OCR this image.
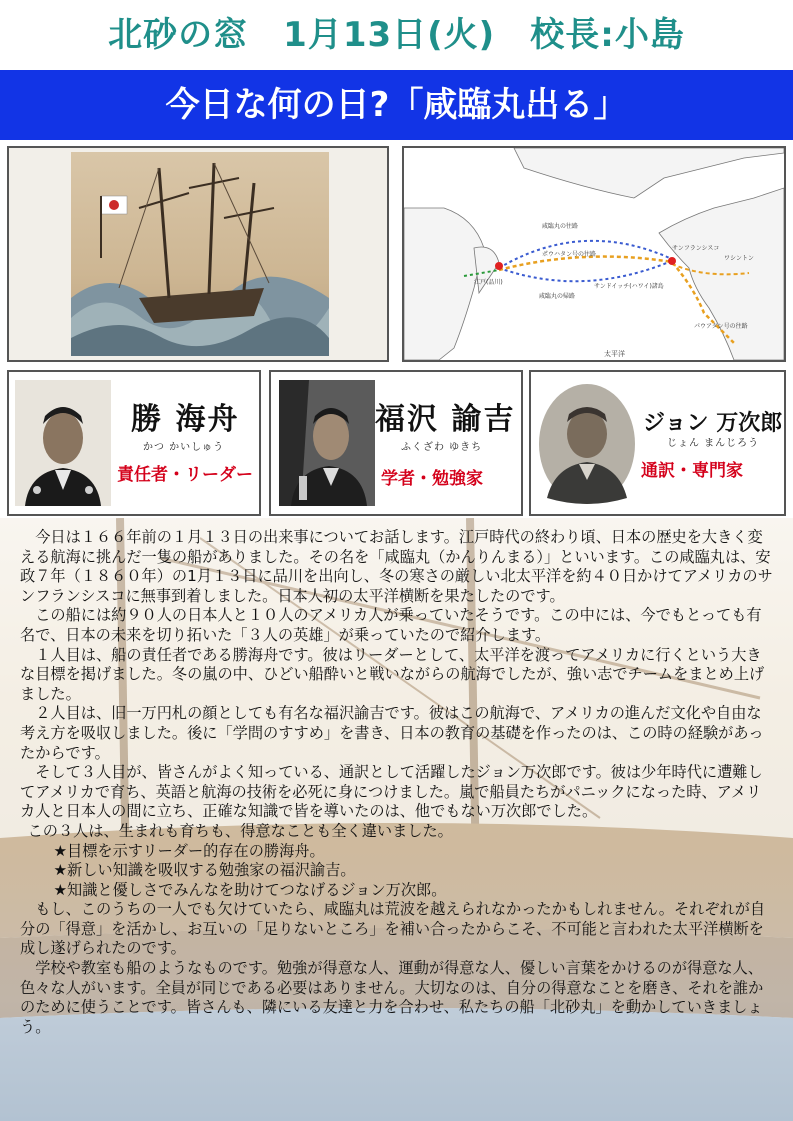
北砂の窓　1月13日(火)　校長:小島
今日な何の日?「咸臨丸出る」
咸臨丸の往路
ポウハタン号の往路
サンフランシスコ
江戸(品川)
咸臨丸の帰路
サンドイッチ(ハワイ)諸島
ワシントン
パウアタン号の往路
太平洋
勝 海舟
かつ かいしゅう
責任者・リーダー
福沢 諭吉
ふくざわ ゆきち
学者・勉強家
ジョン 万次郎
じょん まんじろう
通訳・専門家

今日は１６６年前の１月１３日の出来事についてお話します。江戸時代の終わり頃、日本の歴史を大きく変える航海に挑んだ一隻の船がありました。その名を「咸臨丸（かんりんまる）」といいます。この咸臨丸は、安政７年（１８６０年）の1月１３日に品川を出向し、冬の寒さの厳しい北太平洋を約４０日かけてアメリカのサンフランシスコに無事到着しました。日本人初の太平洋横断を果たしたのです。

この船には約９０人の日本人と１０人のアメリカ人が乗っていたそうです。この中には、今でもとっても有名で、日本の未来を切り拓いた「３人の英雄」が乗っていたので紹介します。

１人目は、船の責任者である勝海舟です。彼はリーダーとして、太平洋を渡ってアメリカに行くという大きな目標を掲げました。冬の嵐の中、ひどい船酔いと戦いながらの航海でしたが、強い志でチームをまとめ上げました。

２人目は、旧一万円札の顔としても有名な福沢諭吉です。彼はこの航海で、アメリカの進んだ文化や自由な考え方を吸収しました。後に「学問のすすめ」を書き、日本の教育の基礎を作ったのは、この時の経験があったからです。

そして３人目が、皆さんがよく知っている、通訳として活躍したジョン万次郎です。彼は少年時代に遭難してアメリカで育ち、英語と航海の技術を必死に身につけました。嵐で船員たちがパニックになった時、アメリカ人と日本人の間に立ち、正確な知識で皆を導いたのは、他でもない万次郎でした。

この３人は、生まれも育ちも、得意なことも全く違いました。

★目標を示すリーダー的存在の勝海舟。

★新しい知識を吸収する勉強家の福沢諭吉。

★知識と優しさでみんなを助けてつなげるジョン万次郎。

もし、このうちの一人でも欠けていたら、咸臨丸は荒波を越えられなかったかもしれません。それぞれが自分の「得意」を活かし、お互いの「足りないところ」を補い合ったからこそ、不可能と言われた太平洋横断を成し遂げられたのです。

学校や教室も船のようなものです。勉強が得意な人、運動が得意な人、優しい言葉をかけるのが得意な人、色々な人がいます。全員が同じである必要はありません。大切なのは、自分の得意なことを磨き、それを誰かのために使うことです。皆さんも、隣にいる友達と力を合わせ、私たちの船「北砂丸」を動かしていきましょう。
